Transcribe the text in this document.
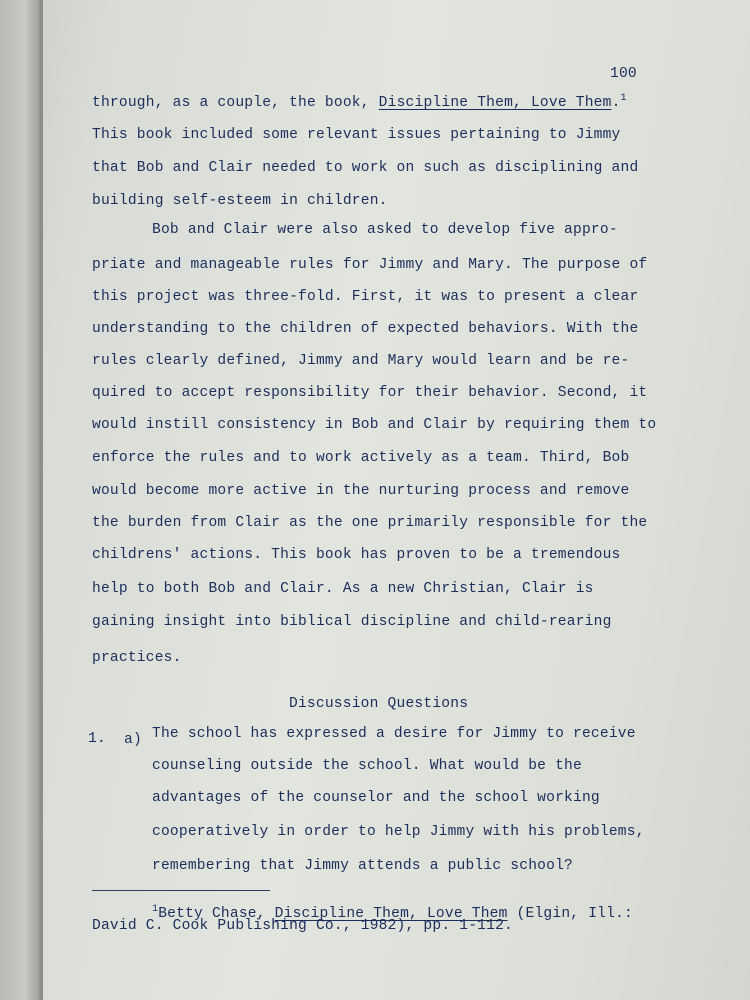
100
through, as a couple, the book, Discipline Them, Love Them.$^1$
This book included some relevant issues pertaining to Jimmy
that Bob and Clair needed to work on such as disciplining and
building self-esteem in children.
Bob and Clair were also asked to develop five appro-
priate and manageable rules for Jimmy and Mary. The purpose of
this project was three-fold. First, it was to present a clear
understanding to the children of expected behaviors. With the
rules clearly defined, Jimmy and Mary would learn and be re-
quired to accept responsibility for their behavior. Second, it
would instill consistency in Bob and Clair by requiring them to
enforce the rules and to work actively as a team. Third, Bob
would become more active in the nurturing process and remove
the burden from Clair as the one primarily responsible for the
childrens' actions. This book has proven to be a tremendous
help to both Bob and Clair. As a new Christian, Clair is
gaining insight into biblical discipline and child-rearing
practices.
Discussion Questions
1. a) The school has expressed a desire for Jimmy to receive
counseling outside the school. What would be the
advantages of the counselor and the school working
cooperatively in order to help Jimmy with his problems,
remembering that Jimmy attends a public school?
$^1$Betty Chase, Discipline Them, Love Them (Elgin, Ill.:
David C. Cook Publishing Co., 1982), pp. 1-112.
